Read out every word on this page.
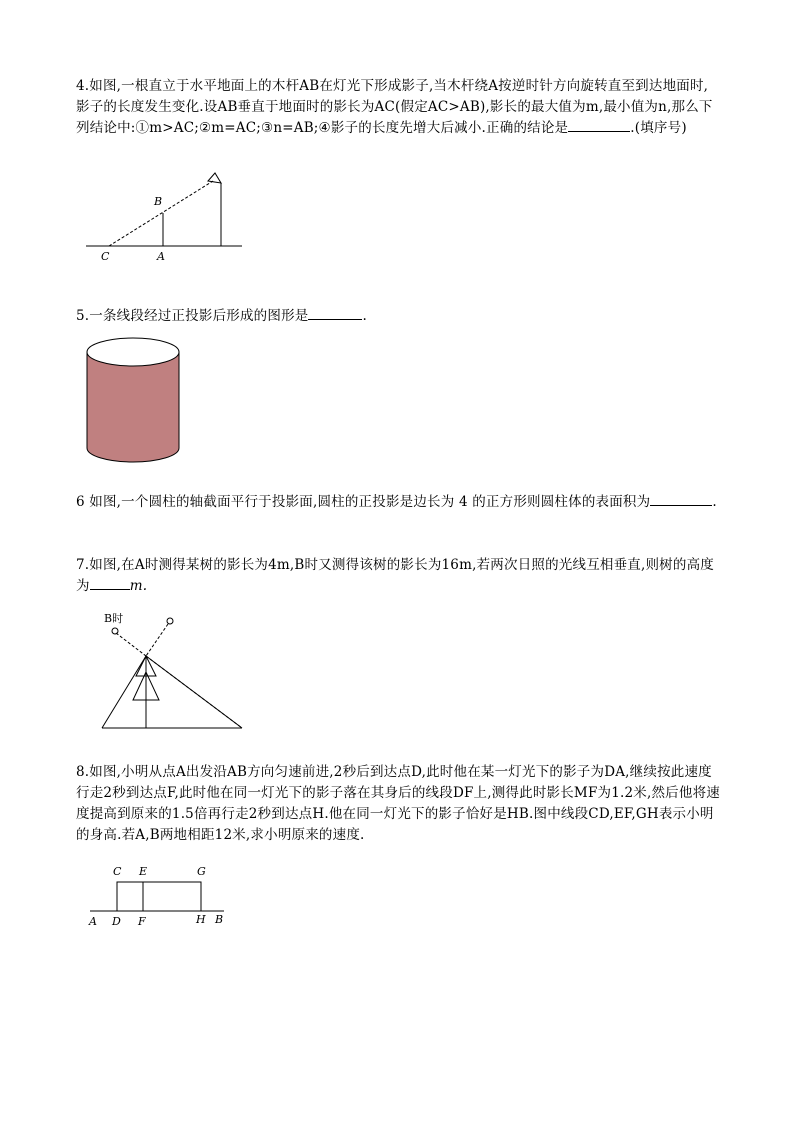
4.如图,一根直立于水平地面上的木杆AB在灯光下形成影子,当木杆绕A按逆时针方向旋转直至到达地面时,影子的长度发生变化.设AB垂直于地面时的影长为AC(假定AC>AB),影长的最大值为m,最小值为n,那么下列结论中:①m>AC;②m=AC;③n=AB;④影子的长度先增大后减小.正确的结论是	.(填序号)
B
C	A
5.一条线段经过正投影后形成的图形是	.
6 如图,一个圆柱的轴截面平行于投影面,圆柱的正投影是边长为 4 的正方形则圆柱体的表面积为	.
7.如图,在A时测得某树的影长为4m,B时又测得该树的影长为16m,若两次日照的光线互相垂直,则树的高度为	m.
B时
8.如图,小明从点A出发沿AB方向匀速前进,2秒后到达点D,此时他在某一灯光下的影子为DA,继续按此速度行走2秒到达点F,此时他在同一灯光下的影子落在其身后的线段DF上,测得此时影长MF为1.2米,然后他将速度提高到原来的1.5倍再行走2秒到达点H.他在同一灯光下的影子恰好是HB.图中线段CD,EF,GH表示小明的身高.若A,B两地相距12米,求小明原来的速度.
C E	G
A D F	H B
